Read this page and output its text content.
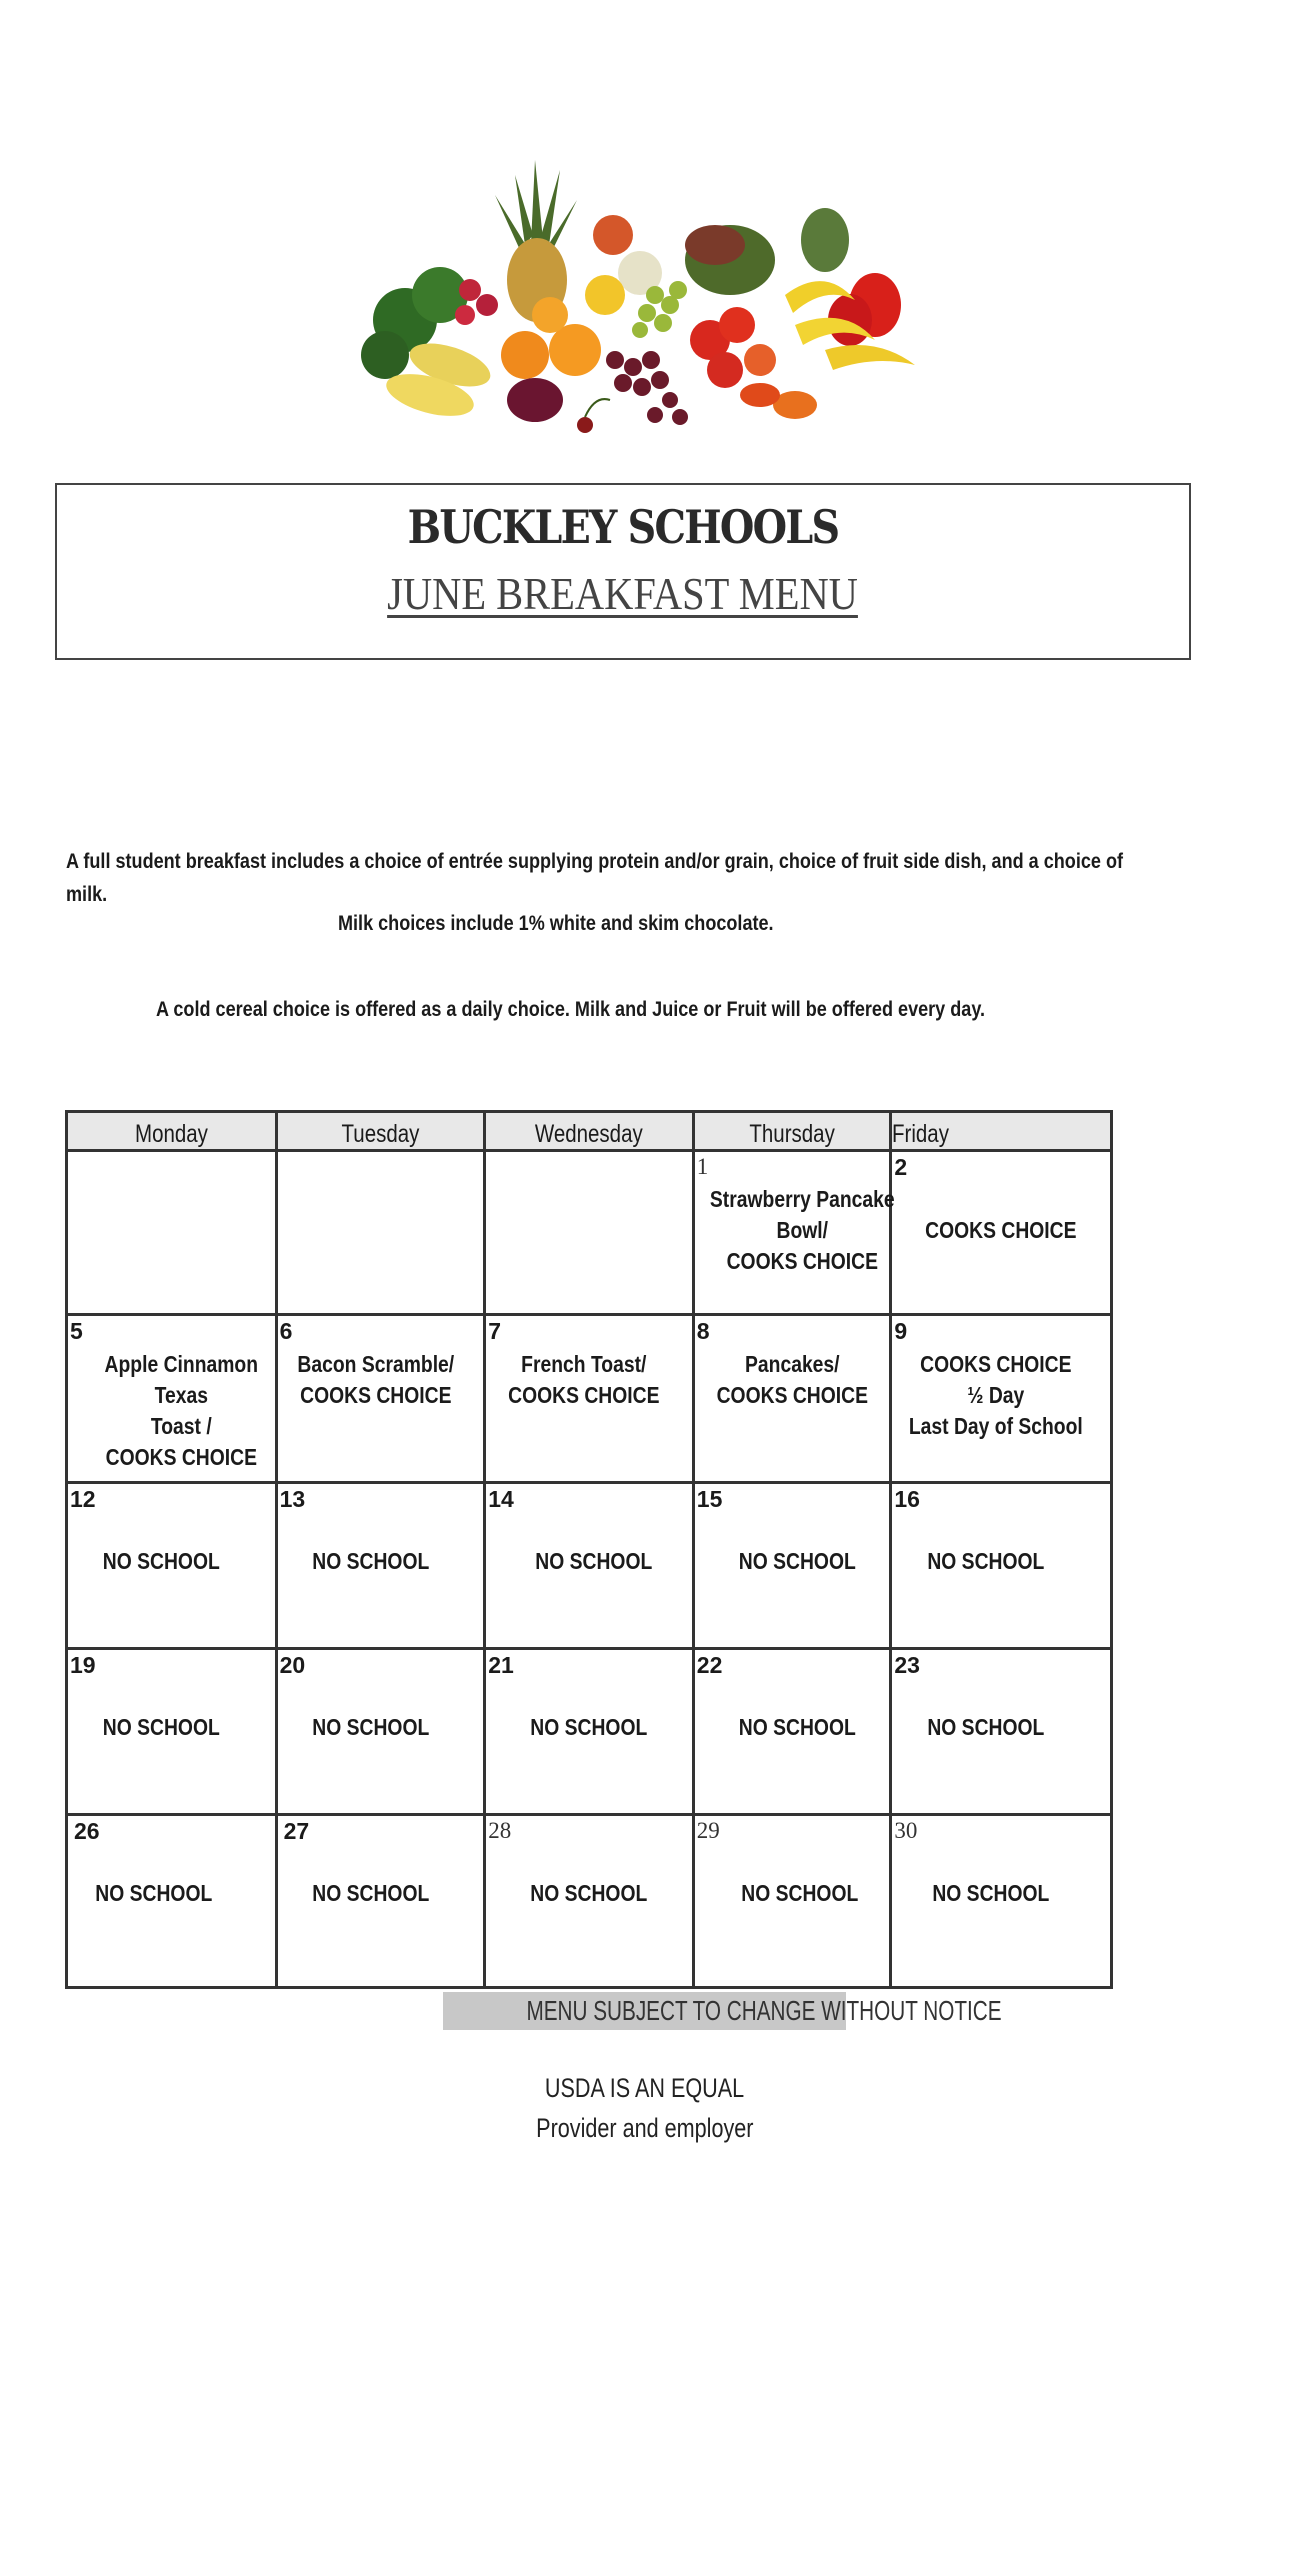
BUCKLEY SCHOOLS
JUNE BREAKFAST MENU
A full student breakfast includes a choice of entrée supplying protein and/or grain, choice of fruit side dish, and a choice of milk.
Milk choices include 1% white and skim chocolate.
A cold cereal choice is offered as a daily choice. Milk and Juice or Fruit will be offered every day.
Monday	Tuesday	Wednesday	Thursday	Friday

			1
Strawberry Pancake
Bowl/
COOKS CHOICE	2
COOKS CHOICE

5
Apple Cinnamon Texas
Toast /
COOKS CHOICE	6
Bacon Scramble/
COOKS CHOICE	7
French Toast/
COOKS CHOICE	8
Pancakes/
COOKS CHOICE	9
COOKS CHOICE
½ Day
Last Day of School

12
NO SCHOOL	13
NO SCHOOL	14
NO SCHOOL	15
NO SCHOOL	16
NO SCHOOL

19
NO SCHOOL	20
NO SCHOOL	21
NO SCHOOL	22
NO SCHOOL	23
NO SCHOOL

26
NO SCHOOL	27
NO SCHOOL	28
NO SCHOOL	29
NO SCHOOL	30
NO SCHOOL
MENU SUBJECT TO CHANGE WITHOUT NOTICE
USDA IS AN EQUAL
Provider and employer
